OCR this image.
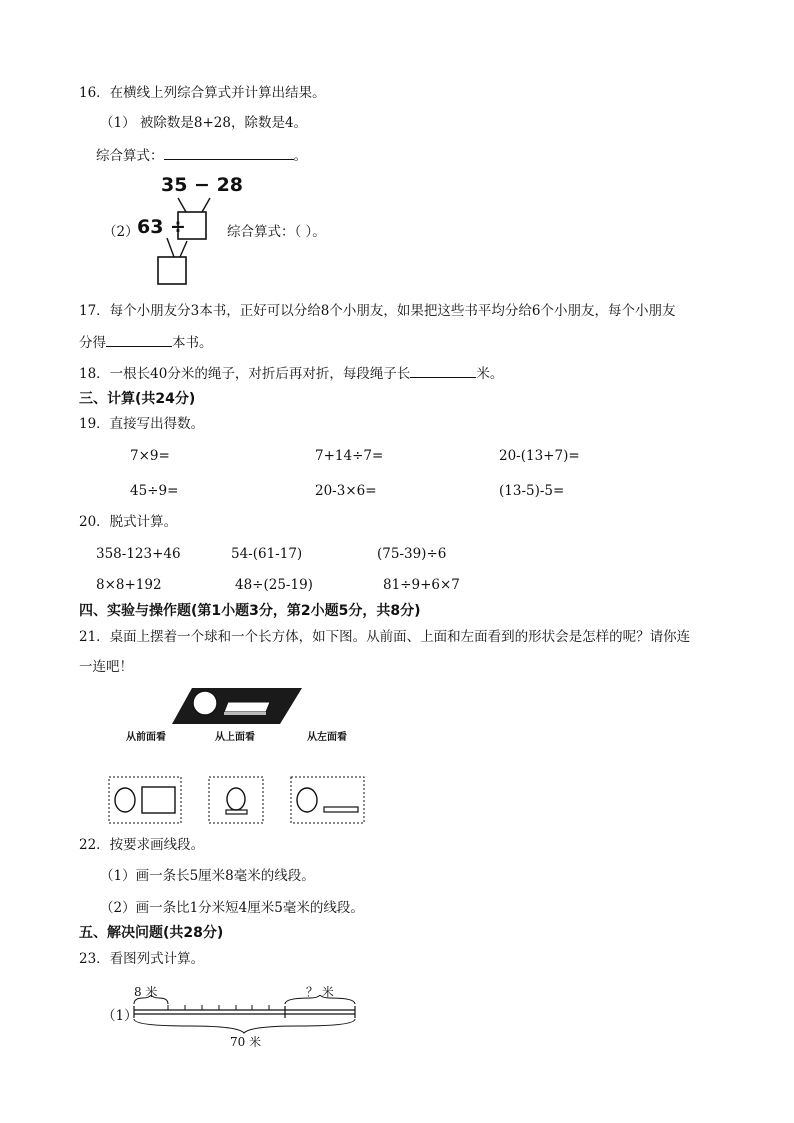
16．在横线上列综合算式并计算出结果。
（1） 被除数是8+28，除数是4。
综合算式：	。
35 − 28
（2）
63 ÷	综合算式：（ ）。
17．每个小朋友分3本书，正好可以分给8个小朋友，如果把这些书平均分给6个小朋友，每个小朋友
分得	本书。
18．一根长40分米的绳子，对折后再对折，每段绳子长	米。
三、计算(共24分)
19．直接写出得数。
7×9=	7+14÷7=	20-(13+7)=
45÷9=	20-3×6=	(13-5)-5=
20．脱式计算。
358-123+46	54-(61-17)	(75-39)÷6
8×8+192	48÷(25-19)	81÷9+6×7
四、实验与操作题(第1小题3分，第2小题5分，共8分)
21．桌面上摆着一个球和一个长方体，如下图。从前面、上面和左面看到的形状会是怎样的呢？请你连
一连吧！
从前面看	从上面看	从左面看
22．按要求画线段。
（1）画一条长5厘米8毫米的线段。
（2）画一条比1分米短4厘米5毫米的线段。
五、解决问题(共28分)
23．看图列式计算。
8 米	？ 米
（1）
70 米
